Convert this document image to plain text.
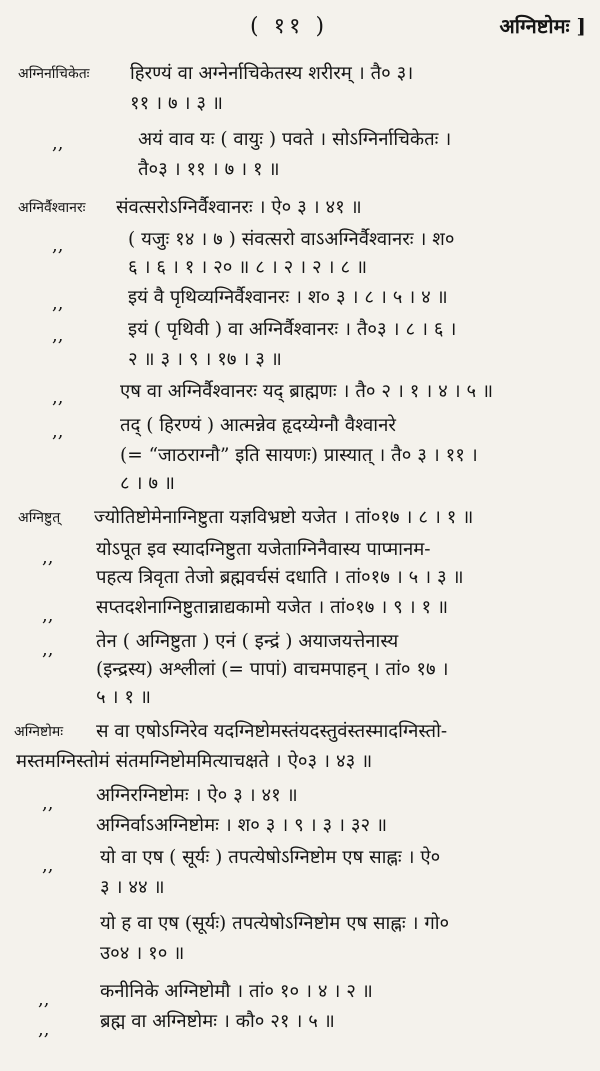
( ११ )	अग्निष्टोमः ]
अग्निर्नाचिकेतः हिरण्यं वा अग्नेर्नाचिकेतस्य शरीरम् । तै० ३।
११ । ७ । ३ ॥
,,	अयं वाव यः ( वायुः ) पवते । सोऽग्निर्नाचिकेतः ।
तै०३ । ११ । ७ । १ ॥
अग्निर्वैश्वानरः संवत्सरोऽग्निर्वैश्वानरः । ऐ० ३ । ४१ ॥
,,	( यजुः १४ । ७ ) संवत्सरो वाऽअग्निर्वैश्वानरः । श०
६ । ६ । १ । २० ॥ ८ । २ । २ । ८ ॥
,,	इयं वै पृथिव्यग्निर्वैश्वानरः । श० ३ । ८ । ५ । ४ ॥
,,	इयं ( पृथिवी ) वा अग्निर्वैश्वानरः । तै०३ । ८ । ६ ।
२ ॥ ३ । ९ । १७ । ३ ॥
,,	एष वा अग्निर्वैश्वानरः यद् ब्राह्मणः । तै० २ । १ । ४ । ५ ॥
,,	तद् ( हिरण्यं ) आत्मन्नेव हृदय्येग्नौ वैश्वानरे
(= “जाठराग्नौ” इति सायणः) प्रास्यात् । तै० ३ । ११ ।
८ । ७ ॥
अग्निष्टुत् ज्योतिष्टोमेनाग्निष्टुता यज्ञविभ्रष्टो यजेत । तां०१७ । ८ । १ ॥
,, योऽपूत इव स्यादग्निष्टुता यजेताग्निनैवास्य पाप्मानम-
पहत्य त्रिवृता तेजो ब्रह्मवर्चसं दधाति । तां०१७ । ५ । ३ ॥
,, सप्तदशेनाग्निष्टुतान्नाद्यकामो यजेत । तां०१७ । ९ । १ ॥
,, तेन ( अग्निष्टुता ) एनं ( इन्द्रं ) अयाजयत्तेनास्य
(इन्द्रस्य) अश्लीलां (= पापां) वाचमपाहन् । तां० १७ ।
५ । १ ॥
अग्निष्टोमः स वा एषोऽग्निरेव यदग्निष्टोमस्तंयदस्तुवंस्तस्मादग्निस्तो-
मस्तमग्निस्तोमं संतमग्निष्टोममित्याचक्षते । ऐ०३ । ४३ ॥
,, अग्निरग्निष्टोमः । ऐ० ३ । ४१ ॥
अग्निर्वाऽअग्निष्टोमः । श० ३ । ९ । ३ । ३२ ॥
,,	यो वा एष ( सूर्यः ) तपत्येषोऽग्निष्टोम एष साह्नः । ऐ०
३ । ४४ ॥
यो ह वा एष (सूर्यः) तपत्येषोऽग्निष्टोम एष साह्नः । गो०
उ०४ । १० ॥
,,	कनीनिके अग्निष्टोमौ । तां० १० । ४ । २ ॥
,,	ब्रह्म वा अग्निष्टोमः । कौ० २१ । ५ ॥
